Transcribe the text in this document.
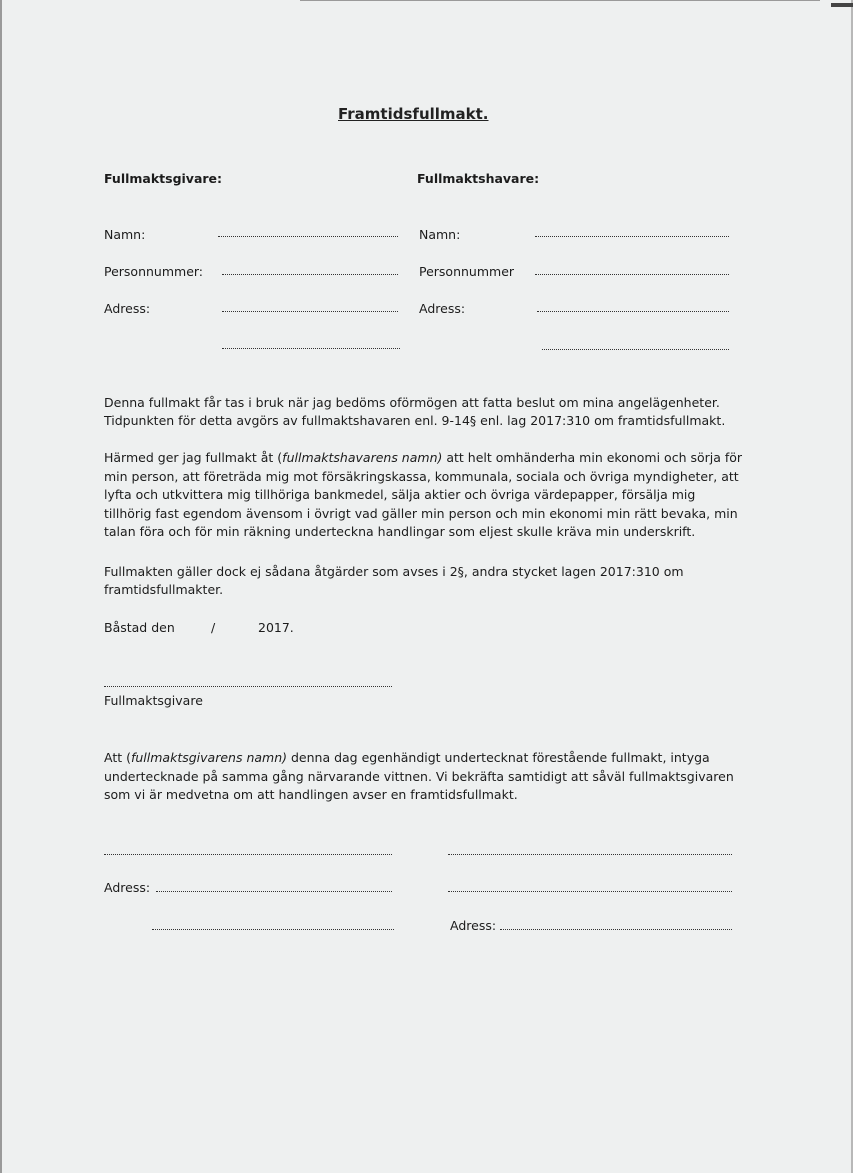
Framtidsfullmakt.
Fullmaktsgivare:
Namn:
Personnummer:
Adress:
Fullmaktshavare:
Namn:
Personnummer
Adress:
Denna fullmakt får tas i bruk när jag bedöms oförmögen att fatta beslut om mina angelägenheter.
Tidpunkten för detta avgörs av fullmaktshavaren enl. 9-14§ enl. lag 2017:310 om framtidsfullmakt.
Härmed ger jag fullmakt åt (fullmaktshavarens namn) att helt omhänderha min ekonomi och sörja för min person, att företräda mig mot försäkringskassa, kommunala, sociala och övriga myndigheter, att lyfta och utkvittera mig tillhöriga bankmedel, sälja aktier och övriga värdepapper, försälja mig tillhörig fast egendom ävensom i övrigt vad gäller min person och min ekonomi min rätt bevaka, min talan föra och för min räkning underteckna handlingar som eljest skulle kräva min underskrift.
Fullmakten gäller dock ej sådana åtgärder som avses i 2§, andra stycket lagen 2017:310 om
framtidsfullmakter.
Båstad den	/	2017.
Fullmaktsgivare
Att (fullmaktsgivarens namn) denna dag egenhändigt undertecknat förestående fullmakt, intyga undertecknade på samma gång närvarande vittnen. Vi bekräfta samtidigt att såväl fullmaktsgivaren som vi är medvetna om att handlingen avser en framtidsfullmakt.
Adress:
Adress:
